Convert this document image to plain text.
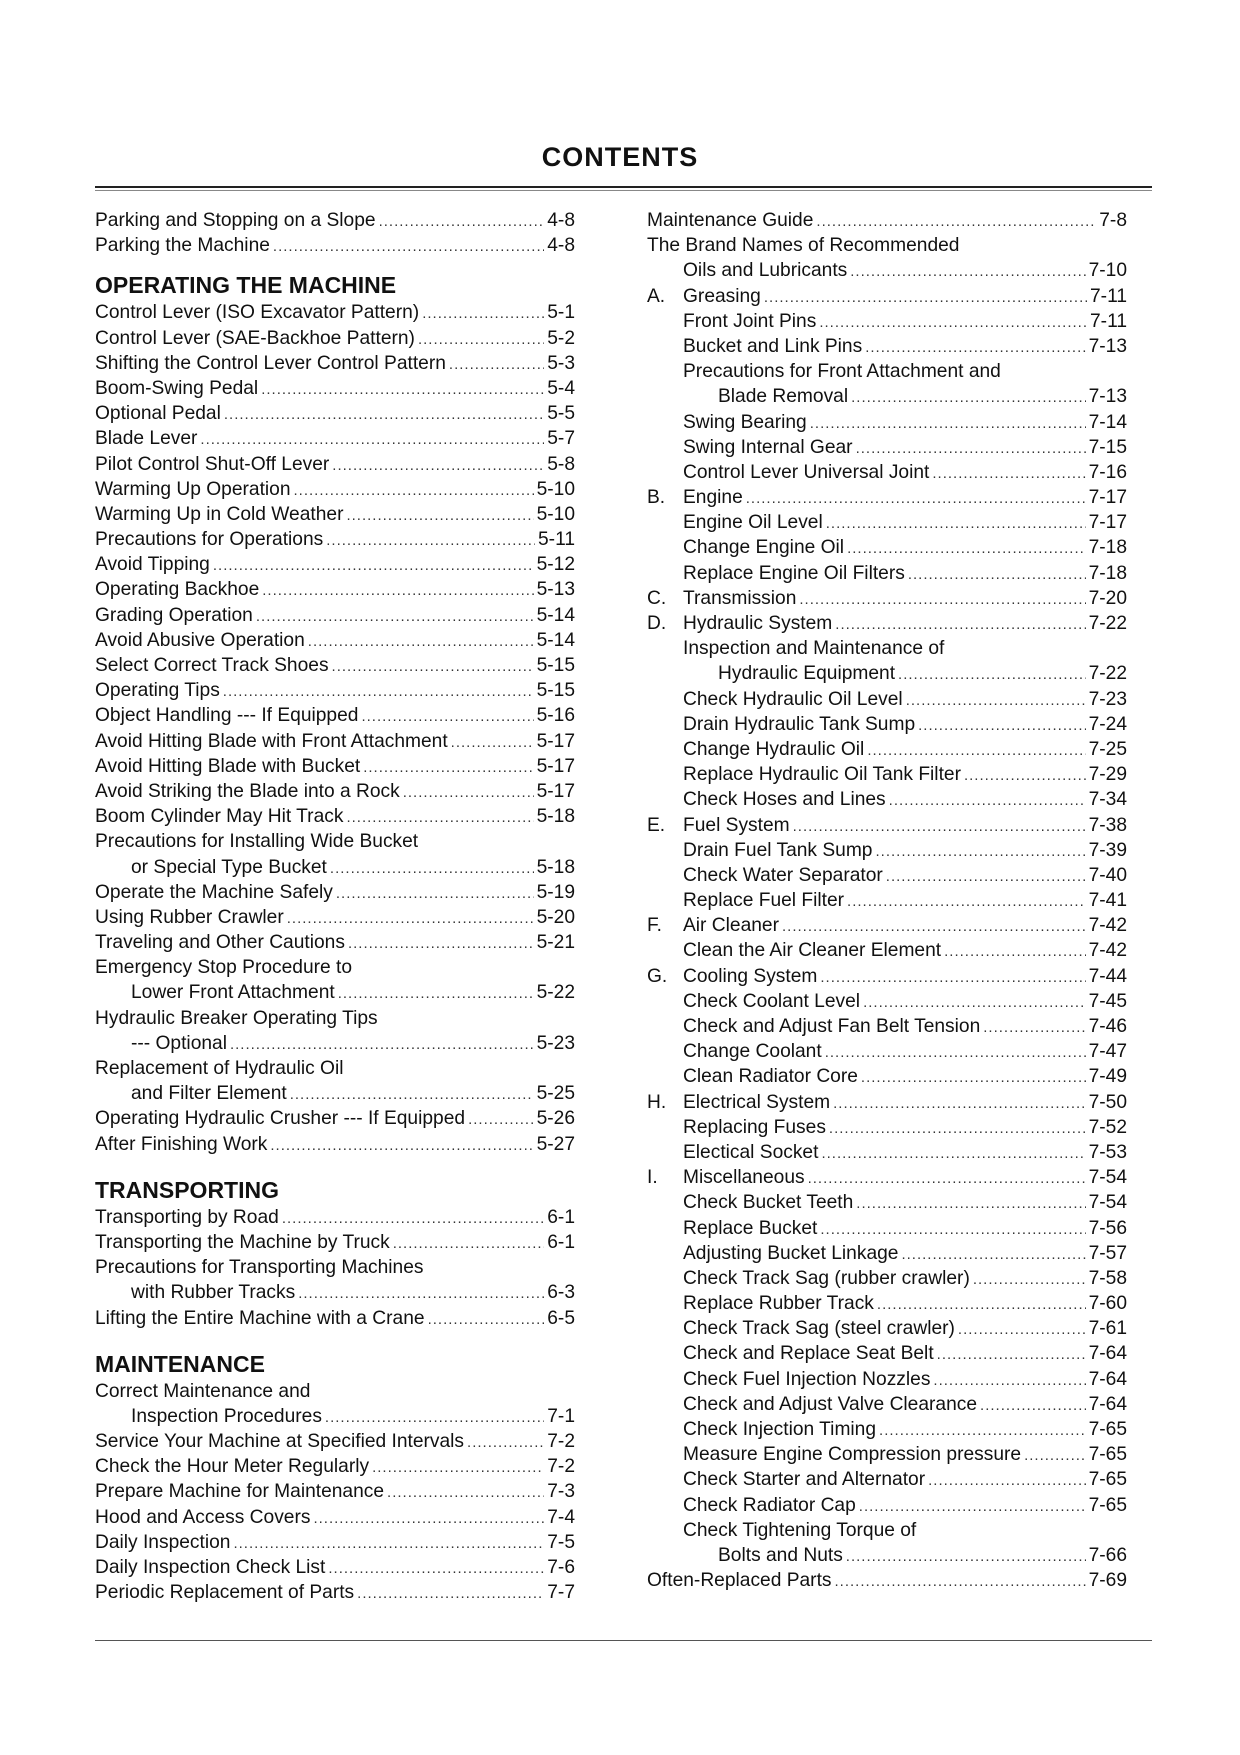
CONTENTS
Parking and Stopping on a Slope .....	4-8
Parking the Machine .....	4-8
OPERATING THE MACHINE
Control Lever (ISO Excavator Pattern) .....	5-1
Control Lever (SAE-Backhoe Pattern) .....	5-2
Shifting the Control Lever Control Pattern .....	5-3
Boom-Swing Pedal .....	5-4
Optional Pedal .....	5-5
Blade Lever .....	5-7
Pilot Control Shut-Off Lever .....	5-8
Warming Up Operation .....	5-10
Warming Up in Cold Weather .....	5-10
Precautions for Operations .....	5-11
Avoid Tipping .....	5-12
Operating Backhoe .....	5-13
Grading Operation .....	5-14
Avoid Abusive Operation .....	5-14
Select Correct Track Shoes .....	5-15
Operating Tips .....	5-15
Object Handling --- If Equipped .....	5-16
Avoid Hitting Blade with Front Attachment .....	5-17
Avoid Hitting Blade with Bucket .....	5-17
Avoid Striking the Blade into a Rock .....	5-17
Boom Cylinder May Hit Track .....	5-18
Precautions for Installing Wide Bucket
or Special Type Bucket .....	5-18
Operate the Machine Safely .....	5-19
Using Rubber Crawler .....	5-20
Traveling and Other Cautions .....	5-21
Emergency Stop Procedure to
Lower Front Attachment .....	5-22
Hydraulic Breaker Operating Tips
--- Optional .....	5-23
Replacement of Hydraulic Oil
and Filter Element .....	5-25
Operating Hydraulic Crusher --- If Equipped .....	5-26
After Finishing Work .....	5-27
TRANSPORTING
Transporting by Road .....	6-1
Transporting the Machine by Truck .....	6-1
Precautions for Transporting Machines
with Rubber Tracks .....	6-3
Lifting the Entire Machine with a Crane .....	6-5
MAINTENANCE
Correct Maintenance and
Inspection Procedures .....	7-1
Service Your Machine at Specified Intervals .....	7-2
Check the Hour Meter Regularly .....	7-2
Prepare Machine for Maintenance .....	7-3
Hood and Access Covers .....	7-4
Daily Inspection .....	7-5
Daily Inspection Check List .....	7-6
Periodic Replacement of Parts .....	7-7
Maintenance Guide .....	7-8
The Brand Names of Recommended
Oils and Lubricants .....	7-10
A. Greasing .....	7-11
Front Joint Pins .....	7-11
Bucket and Link Pins .....	7-13
Precautions for Front Attachment and
Blade Removal .....	7-13
Swing Bearing .....	7-14
Swing Internal Gear .....	7-15
Control Lever Universal Joint .....	7-16
B. Engine .....	7-17
Engine Oil Level .....	7-17
Change Engine Oil .....	7-18
Replace Engine Oil Filters .....	7-18
C. Transmission .....	7-20
D. Hydraulic System .....	7-22
Inspection and Maintenance of
Hydraulic Equipment .....	7-22
Check Hydraulic Oil Level .....	7-23
Drain Hydraulic Tank Sump .....	7-24
Change Hydraulic Oil .....	7-25
Replace Hydraulic Oil Tank Filter .....	7-29
Check Hoses and Lines .....	7-34
E. Fuel System .....	7-38
Drain Fuel Tank Sump .....	7-39
Check Water Separator .....	7-40
Replace Fuel Filter .....	7-41
F.	Air Cleaner .....	7-42
Clean the Air Cleaner Element .....	7-42
G. Cooling System .....	7-44
Check Coolant Level .....	7-45
Check and Adjust Fan Belt Tension .....	7-46
Change Coolant .....	7-47
Clean Radiator Core .....	7-49
H. Electrical System .....	7-50
Replacing Fuses .....	7-52
Electical Socket .....	7-53
I.	Miscellaneous .....	7-54
Check Bucket Teeth .....	7-54
Replace Bucket .....	7-56
Adjusting Bucket Linkage .....	7-57
Check Track Sag (rubber crawler) .....	7-58
Replace Rubber Track .....	7-60
Check Track Sag (steel crawler) .....	7-61
Check and Replace Seat Belt .....	7-64
Check Fuel Injection Nozzles .....	7-64
Check and Adjust Valve Clearance .....	7-64
Check Injection Timing .....	7-65
Measure Engine Compression pressure .....	7-65
Check Starter and Alternator .....	7-65
Check Radiator Cap .....	7-65
Check Tightening Torque of
Bolts and Nuts .....	7-66
Often-Replaced Parts .....	7-69
